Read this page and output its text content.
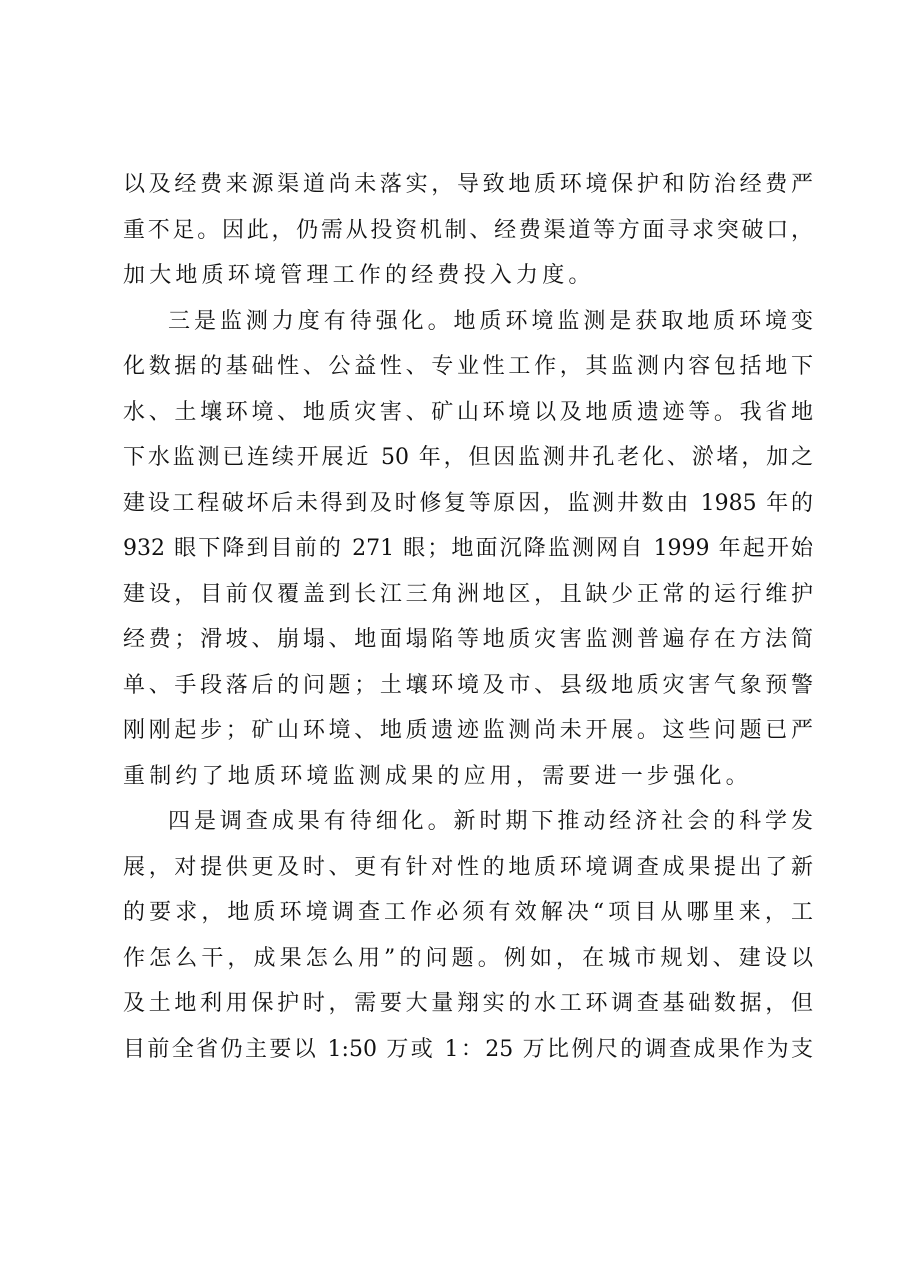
以及经费来源渠道尚未落实，导致地质环境保护和防治经费严
重不足。因此，仍需从投资机制、经费渠道等方面寻求突破口，
加大地质环境管理工作的经费投入力度。
三是监测力度有待强化。地质环境监测是获取地质环境变
化数据的基础性、公益性、专业性工作，其监测内容包括地下
水、土壤环境、地质灾害、矿山环境以及地质遗迹等。我省地
下水监测已连续开展近 50 年，但因监测井孔老化、淤堵，加之
建设工程破坏后未得到及时修复等原因，监测井数由 1985 年的
932 眼下降到目前的 271 眼；地面沉降监测网自 1999 年起开始
建设，目前仅覆盖到长江三角洲地区，且缺少正常的运行维护
经费；滑坡、崩塌、地面塌陷等地质灾害监测普遍存在方法简
单、手段落后的问题；土壤环境及市、县级地质灾害气象预警
刚刚起步；矿山环境、地质遗迹监测尚未开展。这些问题已严
重制约了地质环境监测成果的应用，需要进一步强化。
四是调查成果有待细化。新时期下推动经济社会的科学发
展，对提供更及时、更有针对性的地质环境调查成果提出了新
的要求，地质环境调查工作必须有效解决“项目从哪里来，工
作怎么干，成果怎么用”的问题。例如，在城市规划、建设以
及土地利用保护时，需要大量翔实的水工环调查基础数据，但
目前全省仍主要以 1:50 万或 1：25 万比例尺的调查成果作为支
